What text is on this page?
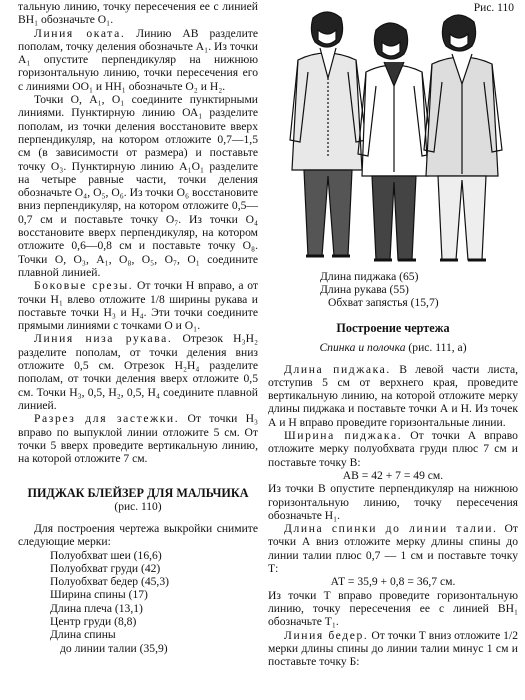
тальную линию, точку пересечения ее с линией ВН₁ обозначьте О₁.

Линия оката. Линию АВ разделите пополам, точку деления обозначьте А₁. Из точки А₁ опустите перпендикуляр на нижнюю горизонтальную линию, точки пересечения его с линиями ОО₁ и НН₁ обозначьте О₂ и Н₂.

Точки О, А₁, О₁ соедините пунктирными линиями. Пунктирную линию ОА₁ разделите пополам, из точки деления восстановите вверх перпендикуляр, на котором отложите 0,7—1,5 см (в зависимости от размера) и поставьте точку О₃. Пунктирную линию А₁О₁ разделите на четыре равные части, точки деления обозначьте О₄, О₅, О₆. Из точки О₆ восстановите вниз перпендикуляр, на котором отложите 0,5—0,7 см и поставьте точку О₇. Из точки О₄ восстановите вверх перпендикуляр, на котором отложите 0,6—0,8 см и поставьте точку О₈. Точки О, О₃, А₁, О₈, О₅, О₇, О₁ соедините плавной линией.

Боковые срезы. От точки Н вправо, а от точки Н₁ влево отложите 1/8 ширины рукава и поставьте точки Н₃ и Н₄. Эти точки соедините прямыми линиями с точками О и О₁.

Линия низа рукава. Отрезок Н₃Н₂ разделите пополам, от точки деления вниз отложите 0,5 см. Отрезок Н₂Н₄ разделите пополам, от точки деления вверх отложите 0,5 см. Точки Н₃, 0,5, Н₂, 0,5, Н₄ соедините плавной линией.

Разрез для застежки. От точки Н₃ вправо по выпуклой линии отложите 5 см. От точки 5 вверх проведите вертикальную линию, на которой отложите 7 см.

ПИДЖАК БЛЕЙЗЕР ДЛЯ МАЛЬЧИКА
(рис. 110)

Для построения чертежа выкройки снимите следующие мерки:

Полуобхват шеи (16,6)
Полуобхват груди (42)
Полуобхват бедер (45,3)
Ширина спины (17)
Длина плеча (13,1)
Центр груди (8,8)
Длина спины
до линии талии (35,9)
Рис. 110
Длина пиджака (65)
Длина рукава (55)
Обхват запястья (15,7)
Построение чертежа
Спинка и полочка (рис. 111, а)

Длина пиджака. В левой части листа, отступив 5 см от верхнего края, проведите вертикальную линию, на которой отложите мерку длины пиджака и поставьте точки А и Н. Из точек А и Н вправо проведите горизонтальные линии.

Ширина пиджака. От точки А вправо отложите мерку полуобхвата груди плюс 7 см и поставьте точку В:

АВ = 42 + 7 = 49 см.

Из точки В опустите перпендикуляр на нижнюю горизонтальную линию, точку пересечения обозначьте Н₁.

Длина спинки до линии талии. От точки А вниз отложите мерку длины спины до линии талии плюс 0,7 — 1 см и поставьте точку Т:

АТ = 35,9 + 0,8 = 36,7 см.

Из точки Т вправо проведите горизонтальную линию, точку пересечения ее с линией ВН₁ обозначьте Т₁.

Линия бедер. От точки Т вниз отложите 1/2 мерки длины спины до линии талии минус 1 см и поставьте точку Б:
